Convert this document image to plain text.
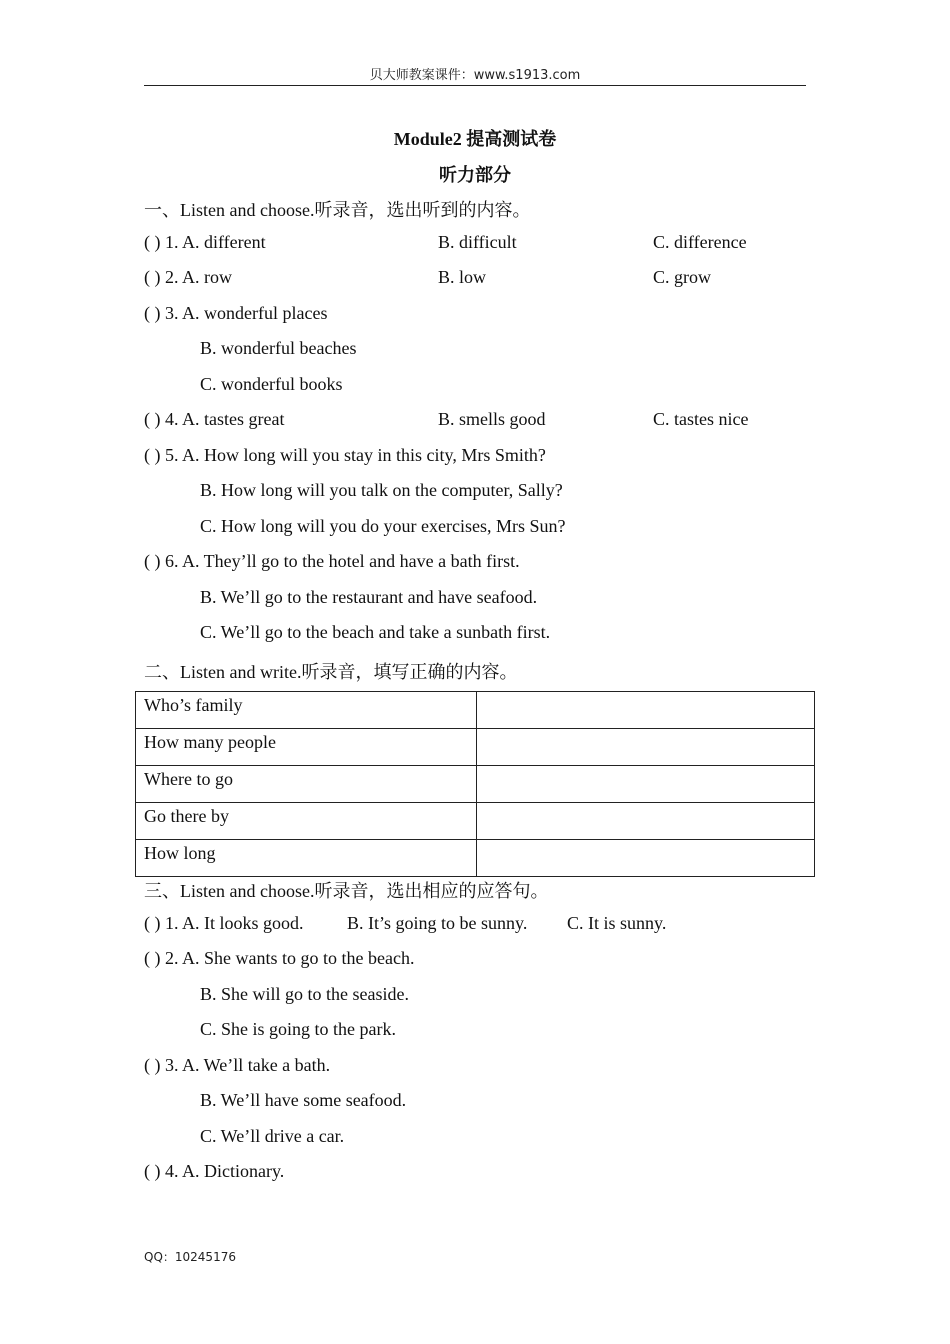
贝大师教案课件：www.s1913.com
Module2 提高测试卷
听力部分
一、Listen and choose.听录音，选出听到的内容。
( ) 1. A. different	B. difficult	C. difference
( ) 2. A. row	B. low	C. grow
( ) 3. A. wonderful places
B. wonderful beaches
C. wonderful books
( ) 4. A. tastes great	B. smells good	C. tastes nice
( ) 5. A. How long will you stay in this city, Mrs Smith?
B. How long will you talk on the computer, Sally?
C. How long will you do your exercises, Mrs Sun?
( ) 6. A. They’ll go to the hotel and have a bath first.
B. We’ll go to the restaurant and have seafood.
C. We’ll go to the beach and take a sunbath first.
二、Listen and write.听录音，填写正确的内容。
Who’s family	
How many people	
Where to go	
Go there by	
How long	
三、Listen and choose.听录音，选出相应的应答句。
( ) 1. A. It looks good. B. It’s going to be sunny. C. It is sunny.
( ) 2. A. She wants to go to the beach.
B. She will go to the seaside.
C. She is going to the park.
( ) 3. A. We’ll take a bath.
B. We’ll have some seafood.
C. We’ll drive a car.
( ) 4. A. Dictionary.
QQ：10245176
